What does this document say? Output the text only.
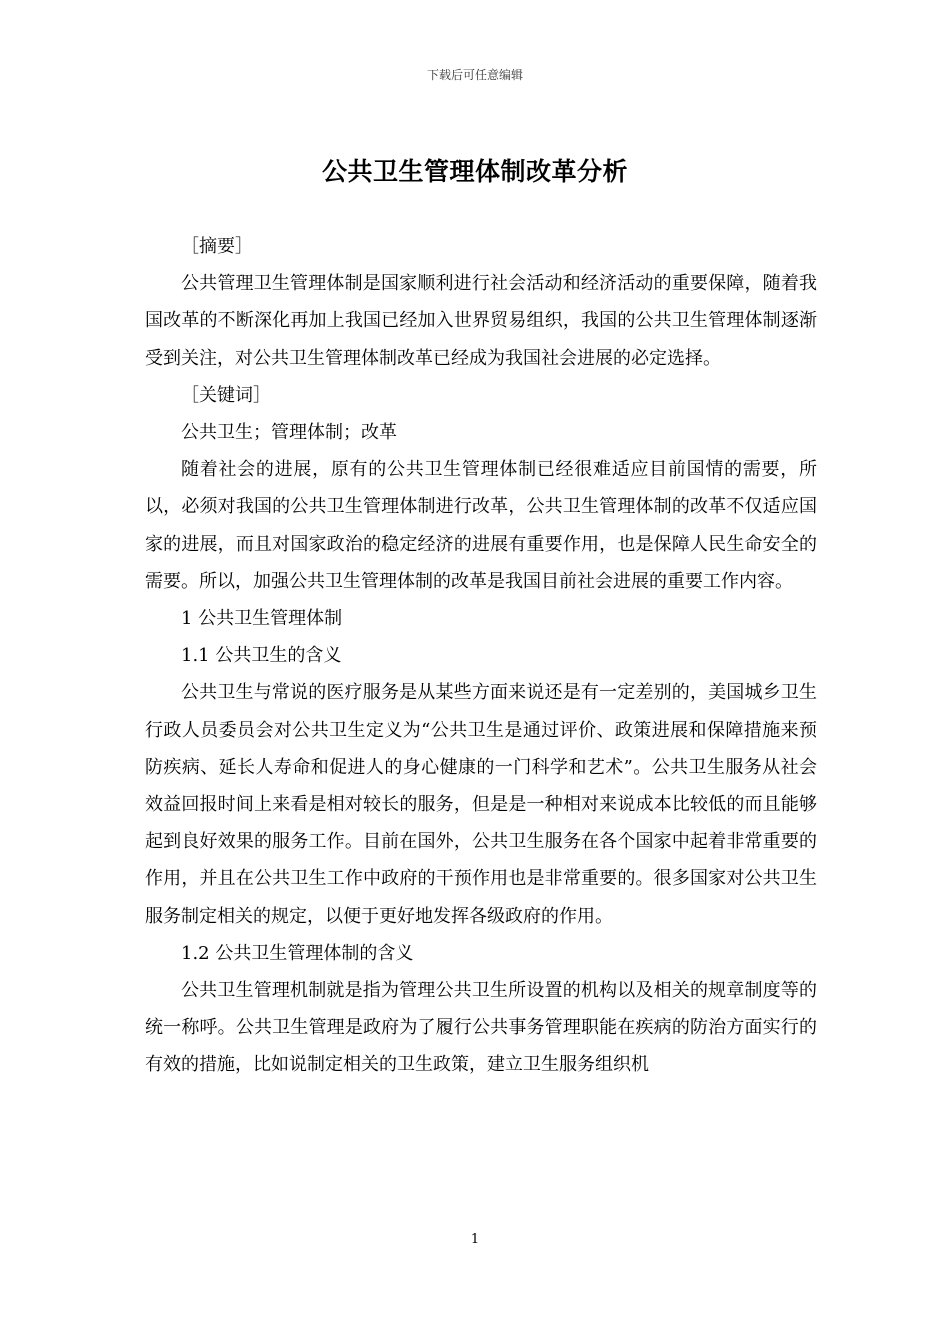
下载后可任意编辑
公共卫生管理体制改革分析

［摘要］

公共管理卫生管理体制是国家顺利进行社会活动和经济活动的重要保障，随着我国改革的不断深化再加上我国已经加入世界贸易组织，我国的公共卫生管理体制逐渐受到关注，对公共卫生管理体制改革已经成为我国社会进展的必定选择。

［关键词］

公共卫生；管理体制；改革

随着社会的进展，原有的公共卫生管理体制已经很难适应目前国情的需要，所以，必须对我国的公共卫生管理体制进行改革，公共卫生管理体制的改革不仅适应国家的进展，而且对国家政治的稳定经济的进展有重要作用，也是保障人民生命安全的需要。所以，加强公共卫生管理体制的改革是我国目前社会进展的重要工作内容。

1 公共卫生管理体制

1.1 公共卫生的含义

公共卫生与常说的医疗服务是从某些方面来说还是有一定差别的，美国城乡卫生行政人员委员会对公共卫生定义为“公共卫生是通过评价、政策进展和保障措施来预防疾病、延长人寿命和促进人的身心健康的一门科学和艺术”。公共卫生服务从社会效益回报时间上来看是相对较长的服务，但是是一种相对来说成本比较低的而且能够起到良好效果的服务工作。目前在国外，公共卫生服务在各个国家中起着非常重要的作用，并且在公共卫生工作中政府的干预作用也是非常重要的。很多国家对公共卫生服务制定相关的规定，以便于更好地发挥各级政府的作用。

1.2 公共卫生管理体制的含义

公共卫生管理机制就是指为管理公共卫生所设置的机构以及相关的规章制度等的统一称呼。公共卫生管理是政府为了履行公共事务管理职能在疾病的防治方面实行的有效的措施，比如说制定相关的卫生政策，建立卫生服务组织机

1
